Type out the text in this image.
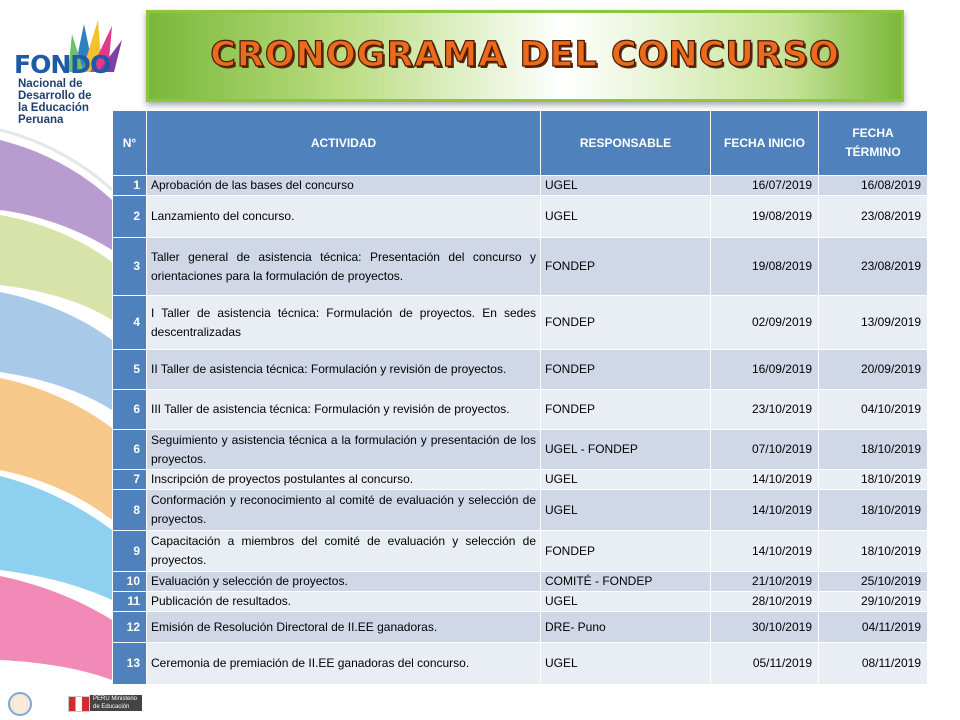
FONDO
Nacional de
Desarrollo de
la Educación
Peruana
CRONOGRAMA DEL CONCURSO
N°	ACTIVIDAD	RESPONSABLE	FECHA INICIO	FECHA TÉRMINO
1	Aprobación de las bases del concurso	UGEL	16/07/2019	16/08/2019
2	Lanzamiento del concurso.	UGEL	19/08/2019	23/08/2019
3	Taller general de asistencia técnica: Presentación del concurso y orientaciones para la formulación de proyectos.	FONDEP	19/08/2019	23/08/2019
4	I Taller de asistencia técnica: Formulación de proyectos. En sedes descentralizadas	FONDEP	02/09/2019	13/09/2019
5	II Taller de asistencia técnica: Formulación y revisión de proyectos.	FONDEP	16/09/2019	20/09/2019
6	III Taller de asistencia técnica: Formulación y revisión de proyectos.	FONDEP	23/10/2019	04/10/2019
6	Seguimiento y asistencia técnica a la formulación y presentación de los proyectos.	UGEL - FONDEP	07/10/2019	18/10/2019
7	Inscripción de proyectos postulantes al concurso.	UGEL	14/10/2019	18/10/2019
8	Conformación y reconocimiento al comité de evaluación y selección de proyectos.	UGEL	14/10/2019	18/10/2019
9	Capacitación a miembros del comité de evaluación y selección de proyectos.	FONDEP	14/10/2019	18/10/2019
10	Evaluación y selección de proyectos.	COMITÉ - FONDEP	21/10/2019	25/10/2019
11	Publicación de resultados.	UGEL	28/10/2019	29/10/2019
12	Emisión de Resolución Directoral de II.EE ganadoras.	DRE- Puno	30/10/2019	04/11/2019
13	Ceremonia de premiación de II.EE ganadoras del concurso.	UGEL	05/11/2019	08/11/2019
PERÚ Ministerio de Educación
